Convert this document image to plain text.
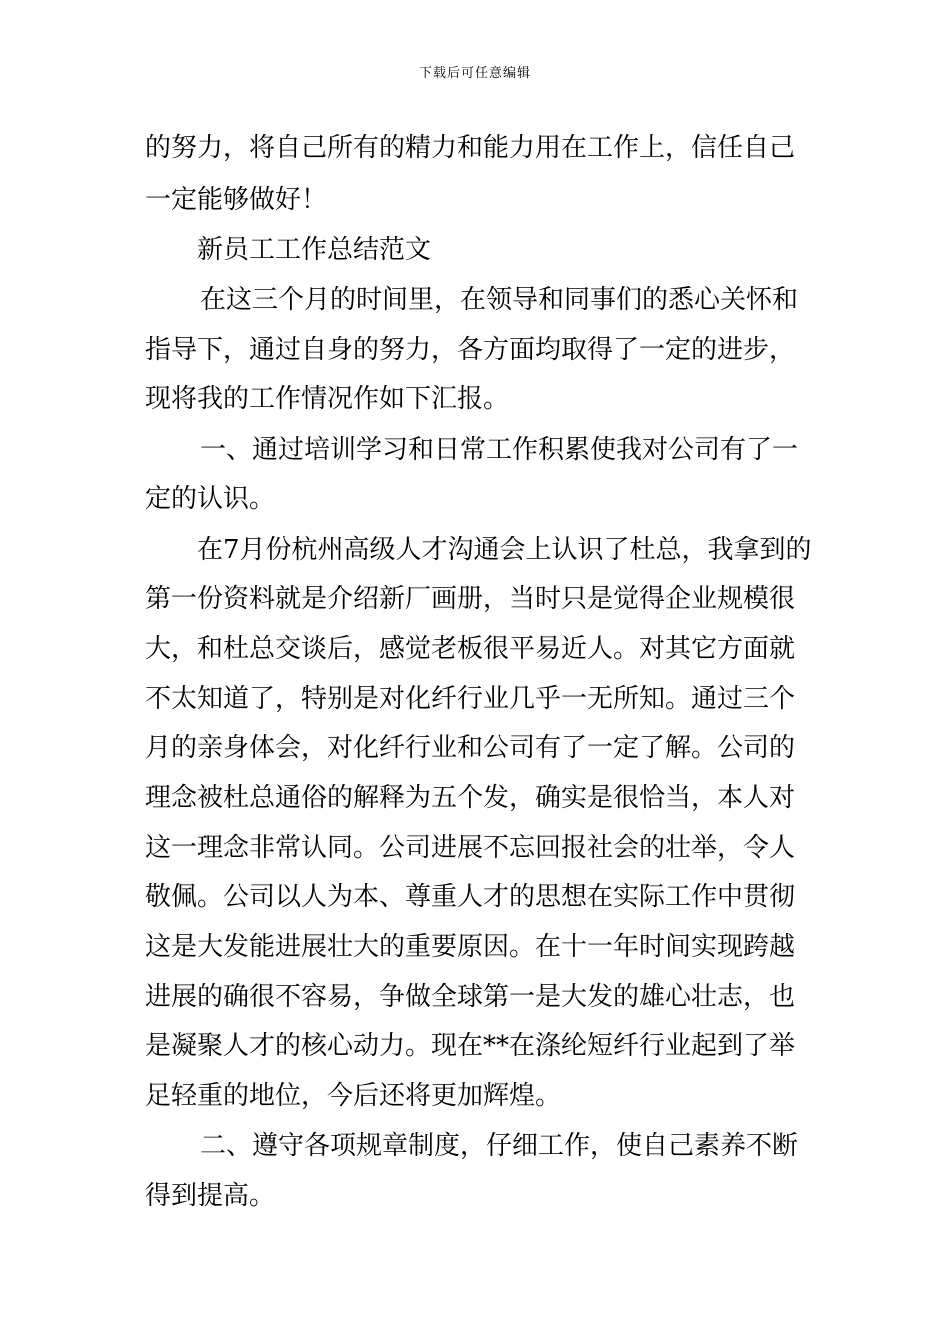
下载后可任意编辑
的努力，将自己所有的精力和能力用在工作上，信任自己
一定能够做好！
新员工工作总结范文
在这三个月的时间里，在领导和同事们的悉心关怀和
指导下，通过自身的努力，各方面均取得了一定的进步，
现将我的工作情况作如下汇报。
一、通过培训学习和日常工作积累使我对公司有了一
定的认识。
在7月份杭州高级人才沟通会上认识了杜总，我拿到的
第一份资料就是介绍新厂画册，当时只是觉得企业规模很
大，和杜总交谈后，感觉老板很平易近人。对其它方面就
不太知道了，特别是对化纤行业几乎一无所知。通过三个
月的亲身体会，对化纤行业和公司有了一定了解。公司的
理念被杜总通俗的解释为五个发，确实是很恰当，本人对
这一理念非常认同。公司进展不忘回报社会的壮举，令人
敬佩。公司以人为本、尊重人才的思想在实际工作中贯彻
这是大发能进展壮大的重要原因。在十一年时间实现跨越
进展的确很不容易，争做全球第一是大发的雄心壮志，也
是凝聚人才的核心动力。现在**在涤纶短纤行业起到了举
足轻重的地位，今后还将更加辉煌。
二、遵守各项规章制度，仔细工作，使自己素养不断
得到提高。
